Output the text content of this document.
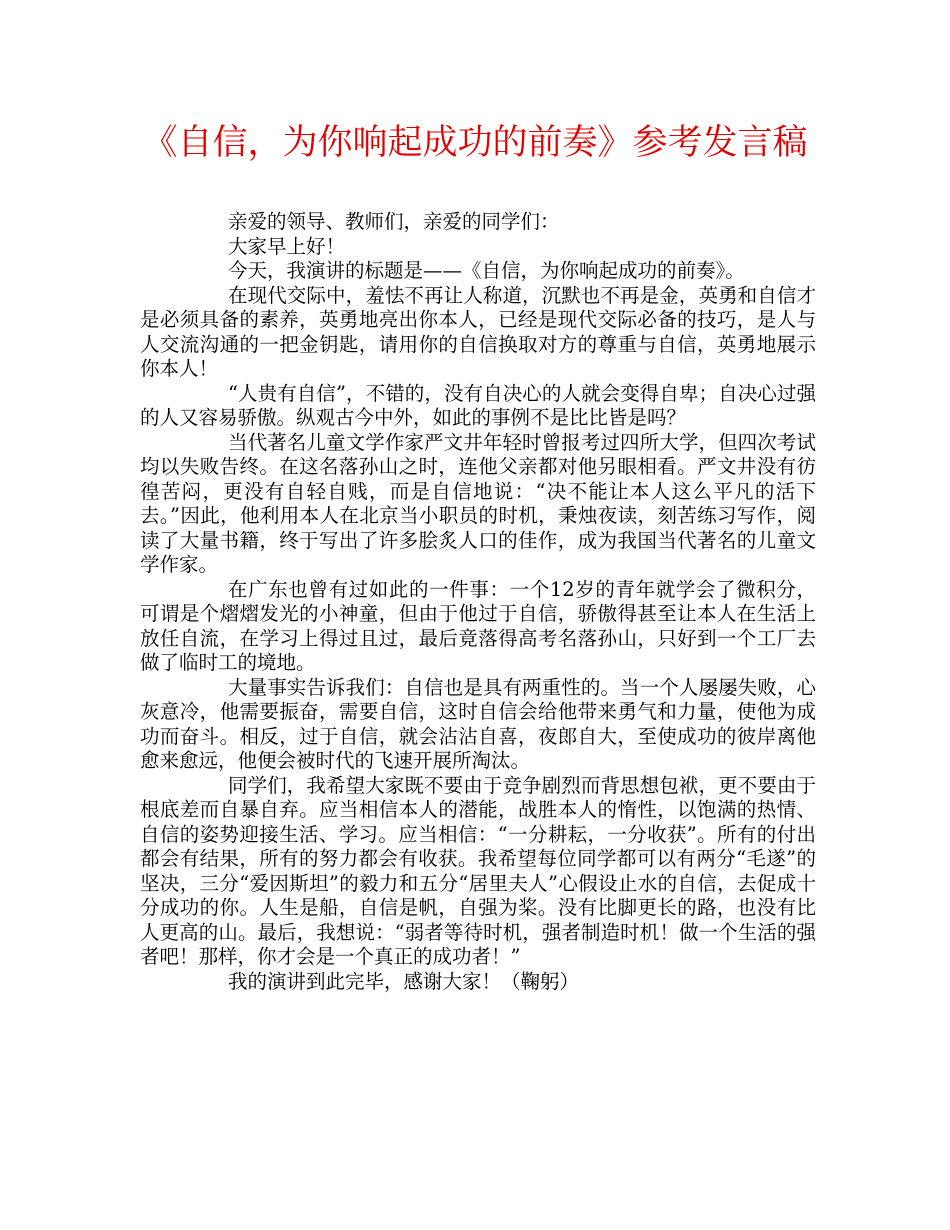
《自信，为你响起成功的前奏》参考发言稿

亲爱的领导、教师们，亲爱的同学们：

大家早上好！

今天，我演讲的标题是——《自信，为你响起成功的前奏》。

在现代交际中，羞怯不再让人称道，沉默也不再是金，英勇和自信才是必须具备的素养，英勇地亮出你本人，已经是现代交际必备的技巧，是人与人交流沟通的一把金钥匙，请用你的自信换取对方的尊重与自信，英勇地展示你本人！

“人贵有自信”，不错的，没有自决心的人就会变得自卑；自决心过强的人又容易骄傲。纵观古今中外，如此的事例不是比比皆是吗？

当代著名儿童文学作家严文井年轻时曾报考过四所大学，但四次考试均以失败告终。在这名落孙山之时，连他父亲都对他另眼相看。严文井没有彷徨苦闷，更没有自轻自贱，而是自信地说：“决不能让本人这么平凡的活下去。”因此，他利用本人在北京当小职员的时机，秉烛夜读，刻苦练习写作，阅读了大量书籍，终于写出了许多脍炙人口的佳作，成为我国当代著名的儿童文学作家。

在广东也曾有过如此的一件事：一个12岁的青年就学会了微积分，可谓是个熠熠发光的小神童，但由于他过于自信，骄傲得甚至让本人在生活上放任自流，在学习上得过且过，最后竟落得高考名落孙山，只好到一个工厂去做了临时工的境地。

大量事实告诉我们：自信也是具有两重性的。当一个人屡屡失败，心灰意冷，他需要振奋，需要自信，这时自信会给他带来勇气和力量，使他为成功而奋斗。相反，过于自信，就会沾沾自喜，夜郎自大，至使成功的彼岸离他愈来愈远，他便会被时代的飞速开展所淘汰。

同学们，我希望大家既不要由于竞争剧烈而背思想包袱，更不要由于根底差而自暴自弃。应当相信本人的潜能，战胜本人的惰性，以饱满的热情、自信的姿势迎接生活、学习。应当相信：“一分耕耘，一分收获”。所有的付出都会有结果，所有的努力都会有收获。我希望每位同学都可以有两分“毛遂”的坚决，三分“爱因斯坦”的毅力和五分“居里夫人”心假设止水的自信，去促成十分成功的你。人生是船，自信是帆，自强为桨。没有比脚更长的路，也没有比人更高的山。最后，我想说：“弱者等待时机，强者制造时机！做一个生活的强者吧！那样，你才会是一个真正的成功者！”

我的演讲到此完毕，感谢大家！（鞠躬）
